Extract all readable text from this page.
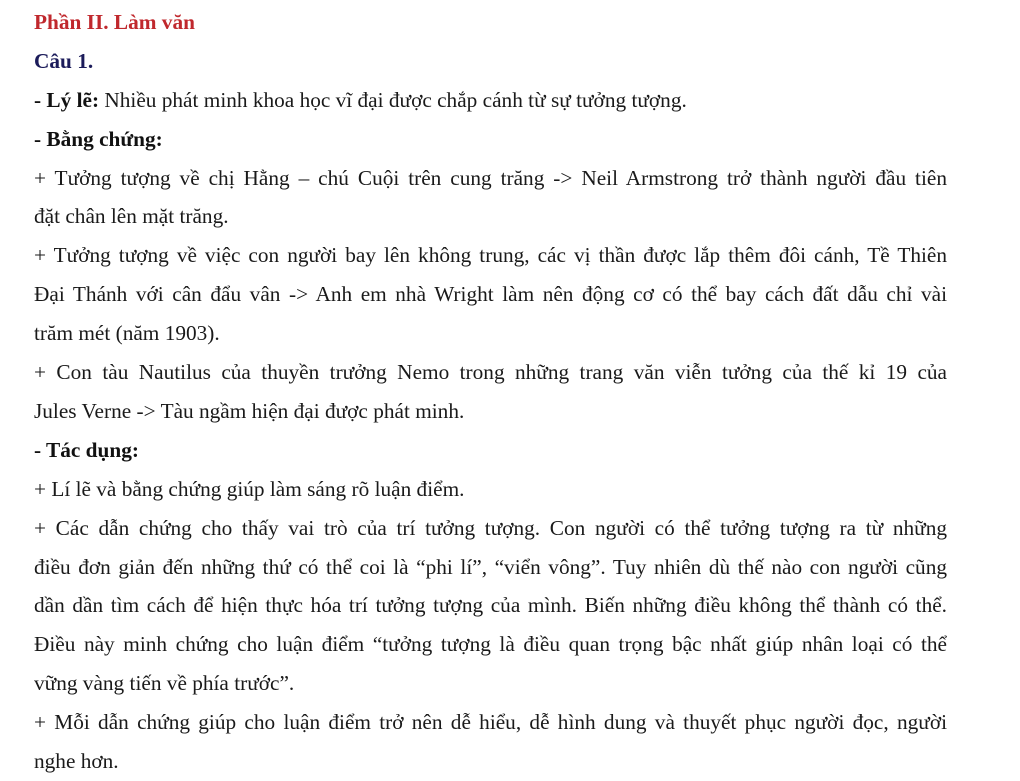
Phần II. Làm văn
Câu 1.
- Lý lẽ: Nhiều phát minh khoa học vĩ đại được chắp cánh từ sự tưởng tượng.
- Bằng chứng:
+ Tưởng tượng về chị Hằng – chú Cuội trên cung trăng -> Neil Armstrong trở thành người đầu tiên
đặt chân lên mặt trăng.
+ Tưởng tượng về việc con người bay lên không trung, các vị thần được lắp thêm đôi cánh, Tề Thiên
Đại Thánh với cân đẩu vân -> Anh em nhà Wright làm nên động cơ có thể bay cách đất dẫu chỉ vài
trăm mét (năm 1903).
+ Con tàu Nautilus của thuyền trưởng Nemo trong những trang văn viễn tưởng của thế kỉ 19 của
Jules Verne -> Tàu ngầm hiện đại được phát minh.
- Tác dụng:
+ Lí lẽ và bằng chứng giúp làm sáng rõ luận điểm.
+ Các dẫn chứng cho thấy vai trò của trí tưởng tượng. Con người có thể tưởng tượng ra từ những
điều đơn giản đến những thứ có thể coi là “phi lí”, “viển vông”. Tuy nhiên dù thế nào con người cũng
dần dần tìm cách để hiện thực hóa trí tưởng tượng của mình. Biến những điều không thể thành có thể.
Điều này minh chứng cho luận điểm “tưởng tượng là điều quan trọng bậc nhất giúp nhân loại có thể
vững vàng tiến về phía trước”.
+ Mỗi dẫn chứng giúp cho luận điểm trở nên dễ hiểu, dễ hình dung và thuyết phục người đọc, người
nghe hơn.
